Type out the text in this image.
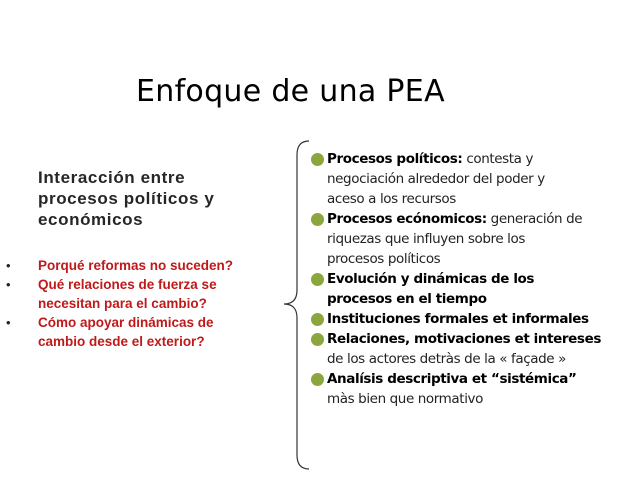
Enfoque de una PEA
Interacción entre
procesos políticos y
económicos
• Porqué reformas no suceden?
• Qué relaciones de fuerza se
necesitan para el cambio?
• Cómo apoyar dinámicas de
cambio desde el exterior?
Procesos políticos: contesta y
negociación alrededor del poder y
aceso a los recursos
Procesos ecónomicos: generación de
riquezas que influyen sobre los
procesos políticos
Evolución y dinámicas de los
procesos en el tiempo
Instituciones formales et informales
Relaciones, motivaciones et intereses
de los actores detràs de la « façade »
Analísis descriptiva et “sistémica”
màs bien que normativo
